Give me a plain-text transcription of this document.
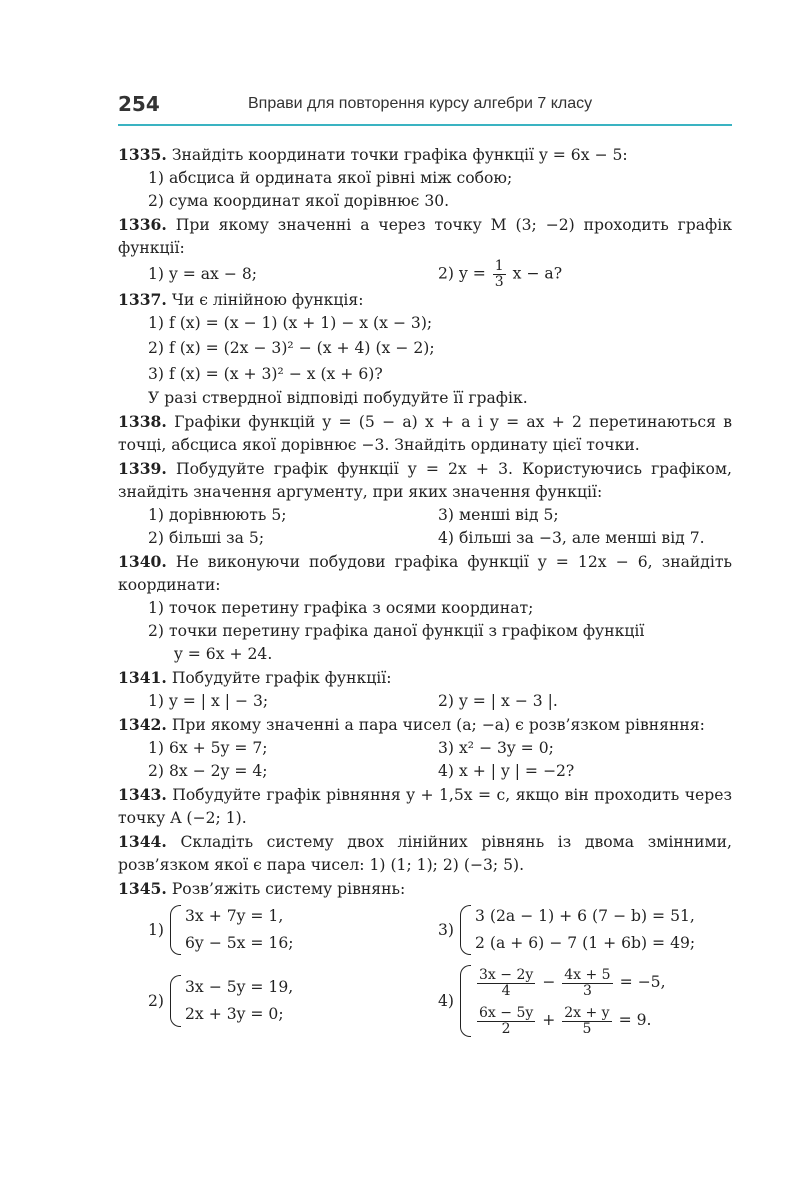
254	Вправи для повторення курсу алгебри 7 класу

1335. Знайдіть координати точки графіка функції y = 6x − 5:

1) абсциса й ордината якої рівні між собою;
2) сума координат якої дорівнює 30.

1336. При якому значенні a через точку M (3; −2) проходить графік функції:

1) y = ax − 8;	2) $y = \frac{1}{3}$ x − a?

1337. Чи є лінійною функція:

1) f (x) = (x − 1) (x + 1) − x (x − 3);
2) f (x) = (2x − 3)² − (x + 4) (x − 2);
3) f (x) = (x + 3)² − x (x + 6)?
У разі ствердної відповіді побудуйте її графік.

1338. Графіки функцій y = (5 − a) x + a і y = ax + 2 перетинаються в точці, абсциса якої дорівнює −3. Знайдіть ординату цієї точки.

1339. Побудуйте графік функції y = 2x + 3. Користуючись графіком, знайдіть значення аргументу, при яких значення функції:

1) дорівнюють 5;	3) менші від 5;
2) більші за 5;	4) більші за −3, але менші від 7.

1340. Не виконуючи побудови графіка функції y = 12x − 6, знайдіть координати:

1) точок перетину графіка з осями координат;
2) точки перетину графіка даної функції з графіком функції
y = 6x + 24.

1341. Побудуйте графік функції:

1) y = | x | − 3;	2) y = | x − 3 |.

1342. При якому значенні a пара чисел (a; −a) є розв’язком рівняння:

1) 6x + 5y = 7;	3) x² − 3y = 0;
2) 8x − 2y = 4;	4) x + | y | = −2?

1343. Побудуйте графік рівняння y + 1,5x = c, якщо він проходить через точку A (−2; 1).

1344. Складіть систему двох лінійних рівнянь із двома змінними, розв’язком якої є пара чисел: 1) (1; 1); 2) (−3; 5).

1345. Розв’яжіть систему рівнянь:

1)
3x + 7y = 1,
6y − 5x = 16;
3)
3 (2a − 1) + 6 (7 − b) = 51,
2 (a + 6) − 7 (1 + 6b) = 49;
2)
3x − 5y = 19,
2x + 3y = 0;
4)
$\frac{3x - 2y}{4} - \frac{4x + 5}{3} = -5$,
$\frac{6x - 5y}{2} + \frac{2x + y}{5} = 9$.
